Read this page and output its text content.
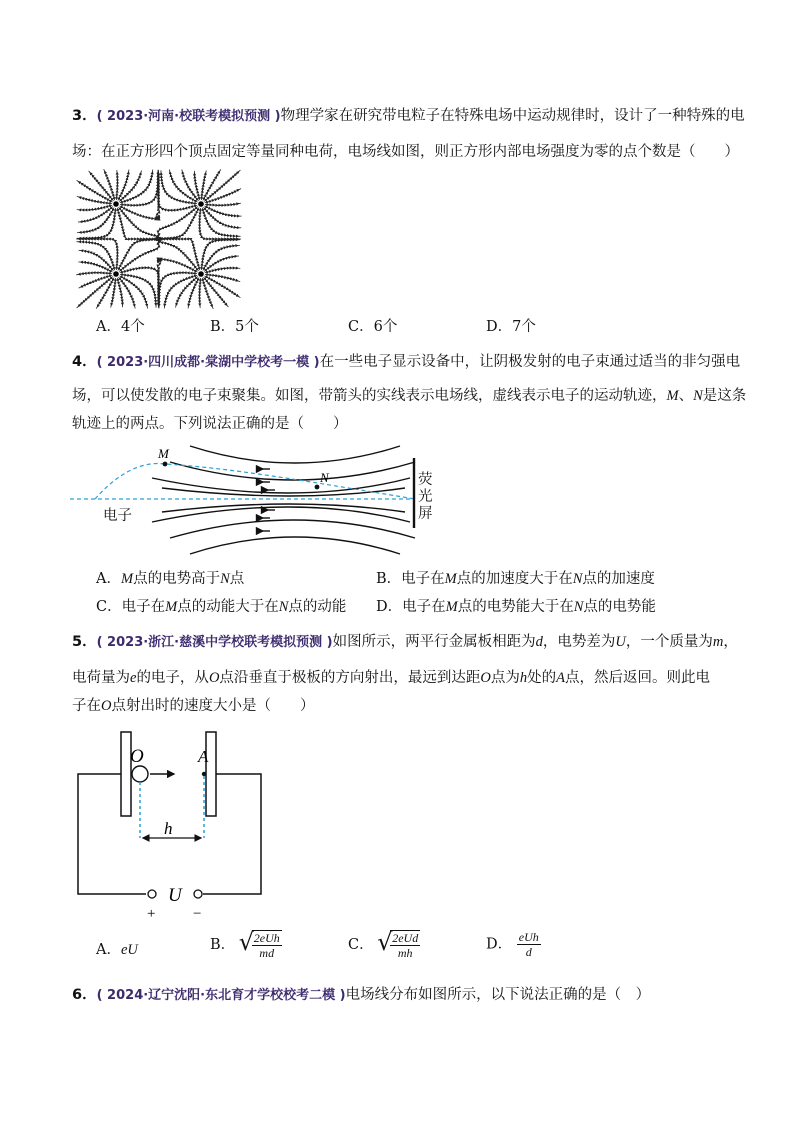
3．( 2023·河南·校联考模拟预测 )物理学家在研究带电粒子在特殊电场中运动规律时，设计了一种特殊的电
场：在正方形四个顶点固定等量同种电荷，电场线如图，则正方形内部电场强度为零的点个数是（　　）
A．4个	B．5个	C．6个	D．7个
4．( 2023·四川成都·棠湖中学校考一模 )在一些电子显示设备中，让阴极发射的电子束通过适当的非匀强电
场，可以使发散的电子束聚集。如图，带箭头的实线表示电场线，虚线表示电子的运动轨迹，M、N是这条
轨迹上的两点。下列说法正确的是（　　）
M
N
电子
荧
光
屏
A．M点的电势高于N点	B．电子在M点的加速度大于在N点的加速度
C．电子在M点的动能大于在N点的动能 D．电子在M点的电势能大于在N点的电势能
5．( 2023·浙江·慈溪中学校联考模拟预测 )如图所示，两平行金属板相距为d，电势差为U，一个质量为m，
电荷量为e的电子，从O点沿垂直于极板的方向射出，最远到达距O点为h处的A点，然后返回。则此电
子在O点射出时的速度大小是（　　）
O	A
h
U
+	−
A．eU	B． √ $\frac{\text{2eUh}}{md}$	C． √ $\frac{\text{2eUd}}{mh}$	D． $\frac{\text{eUh}}{d}$
6．( 2024·辽宁沈阳·东北育才学校校考二模 )电场线分布如图所示，以下说法正确的是（　）
